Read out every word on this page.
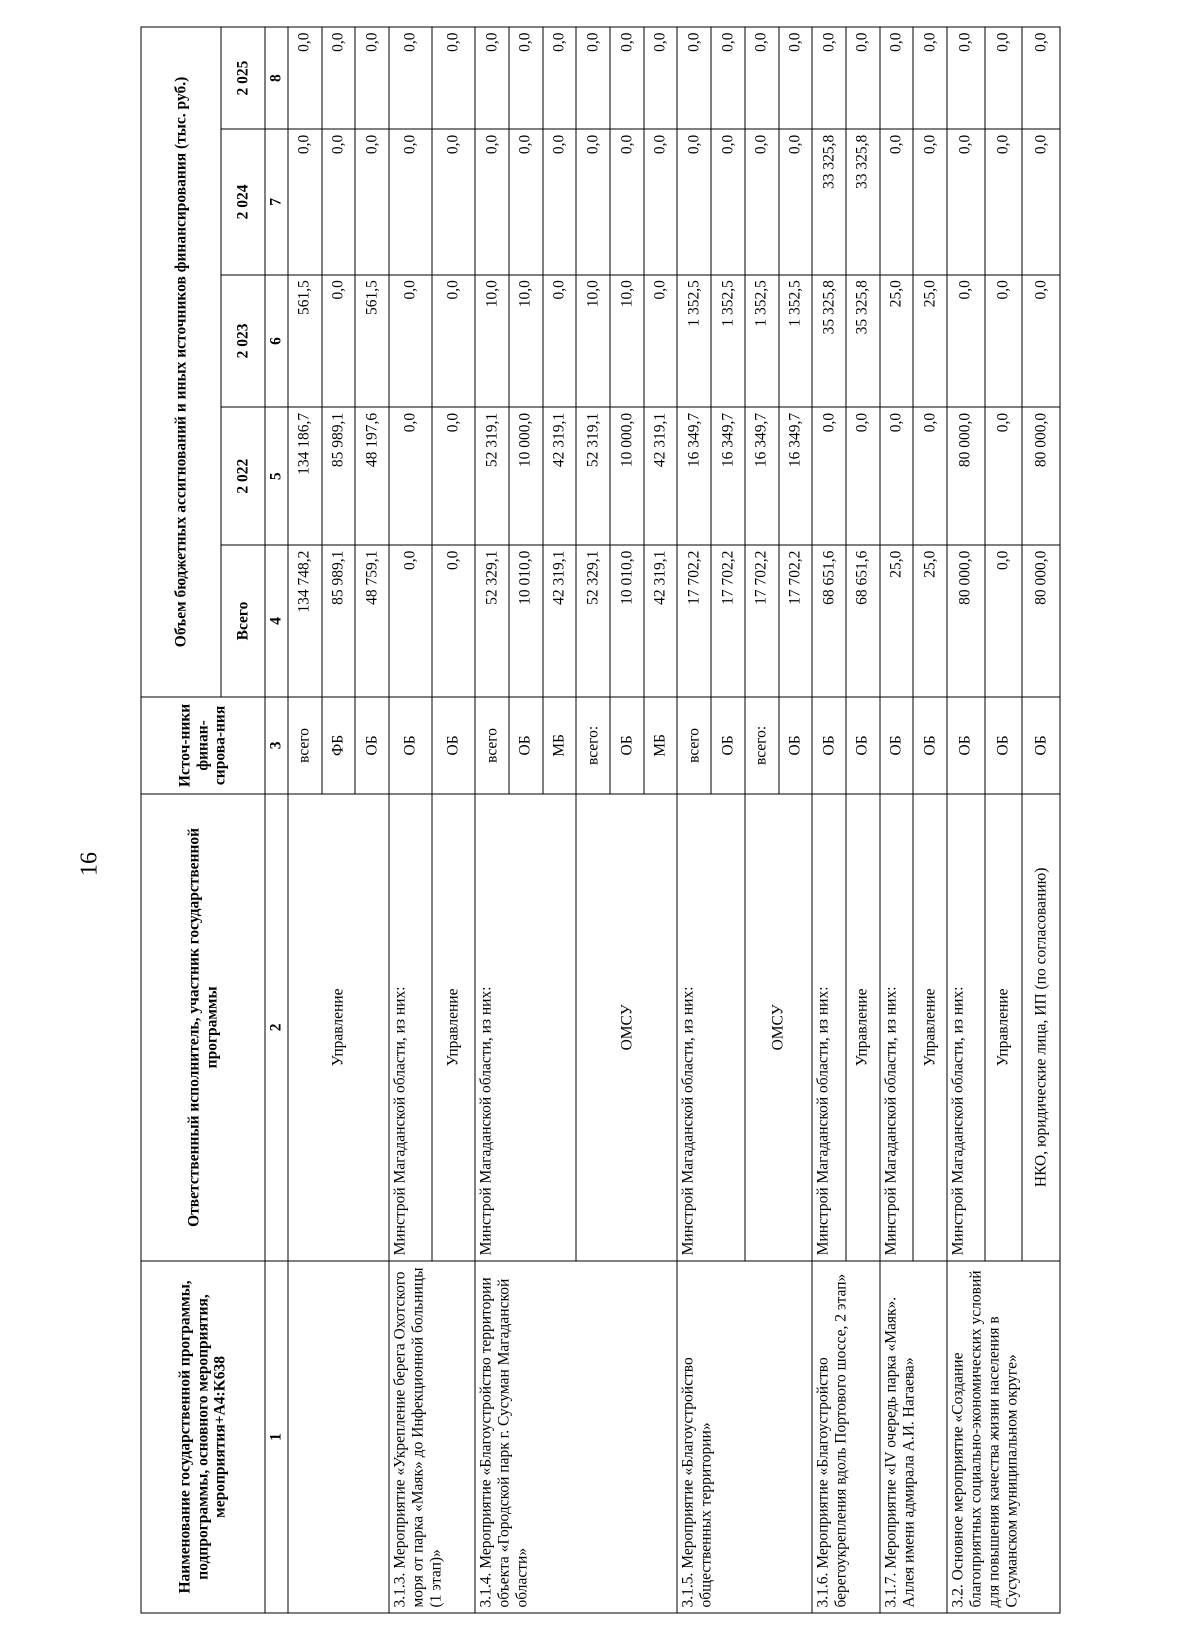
16
Наименование государственной программы, подпрограммы, основного мероприятия, мероприятия+A4:K638	Ответственный исполнитель, участник государственной программы	Источ-ники финан-сирова-ния	Объем бюджетных ассигнований и иных источников финансирования (тыс. руб.)				
			Всего	2 022	2 023	2 024	2 025
1	2	3	4	5	6	7	8
	Управление	всего	134 748,2	134 186,7	561,5	0,0	0,0
		ФБ	85 989,1	85 989,1	0,0	0,0	0,0
		ОБ	48 759,1	48 197,6	561,5	0,0	0,0
3.1.3. Мероприятие «Укрепление берега Охотского моря от парка «Маяк» до Инфекционной больницы (1 этап)»	Минстрой Магаданской области, из них:	ОБ	0,0	0,0	0,0	0,0	0,0
	Управление	ОБ	0,0	0,0	0,0	0,0	0,0
3.1.4. Мероприятие «Благоустройство территории объекта «Городской парк г. Сусуман Магаданской области»	Минстрой Магаданской области, из них:	всего	52 329,1	52 319,1	10,0	0,0	0,0
		ОБ	10 010,0	10 000,0	10,0	0,0	0,0
		МБ	42 319,1	42 319,1	0,0	0,0	0,0
	ОМСУ	всего:	52 329,1	52 319,1	10,0	0,0	0,0
		ОБ	10 010,0	10 000,0	10,0	0,0	0,0
		МБ	42 319,1	42 319,1	0,0	0,0	0,0
3.1.5. Мероприятие «Благоустройство общественных территории»	Минстрой Магаданской области, из них:	всего	17 702,2	16 349,7	1 352,5	0,0	0,0
		ОБ	17 702,2	16 349,7	1 352,5	0,0	0,0
	ОМСУ	всего:	17 702,2	16 349,7	1 352,5	0,0	0,0
		ОБ	17 702,2	16 349,7	1 352,5	0,0	0,0
3.1.6. Мероприятие «Благоустройство берегоукрепления вдоль Портового шоссе, 2 этап»	Минстрой Магаданской области, из них:	ОБ	68 651,6	0,0	35 325,8	33 325,8	0,0
	Управление	ОБ	68 651,6	0,0	35 325,8	33 325,8	0,0
3.1.7. Мероприятие «IV очередь парка «Маяк». Аллея имени адмирала А.И. Нагаева»	Минстрой Магаданской области, из них:	ОБ	25,0	0,0	25,0	0,0	0,0
	Управление	ОБ	25,0	0,0	25,0	0,0	0,0
3.2. Основное мероприятие «Создание благоприятных социально-экономических условий для повышения качества жизни населения в Сусуманском муниципальном округе»	Минстрой Магаданской области, из них:	ОБ	80 000,0	80 000,0	0,0	0,0	0,0
	Управление	ОБ	0,0	0,0	0,0	0,0	0,0
	НКО, юридические лица, ИП (по согласованию)	ОБ	80 000,0	80 000,0	0,0	0,0	0,0
